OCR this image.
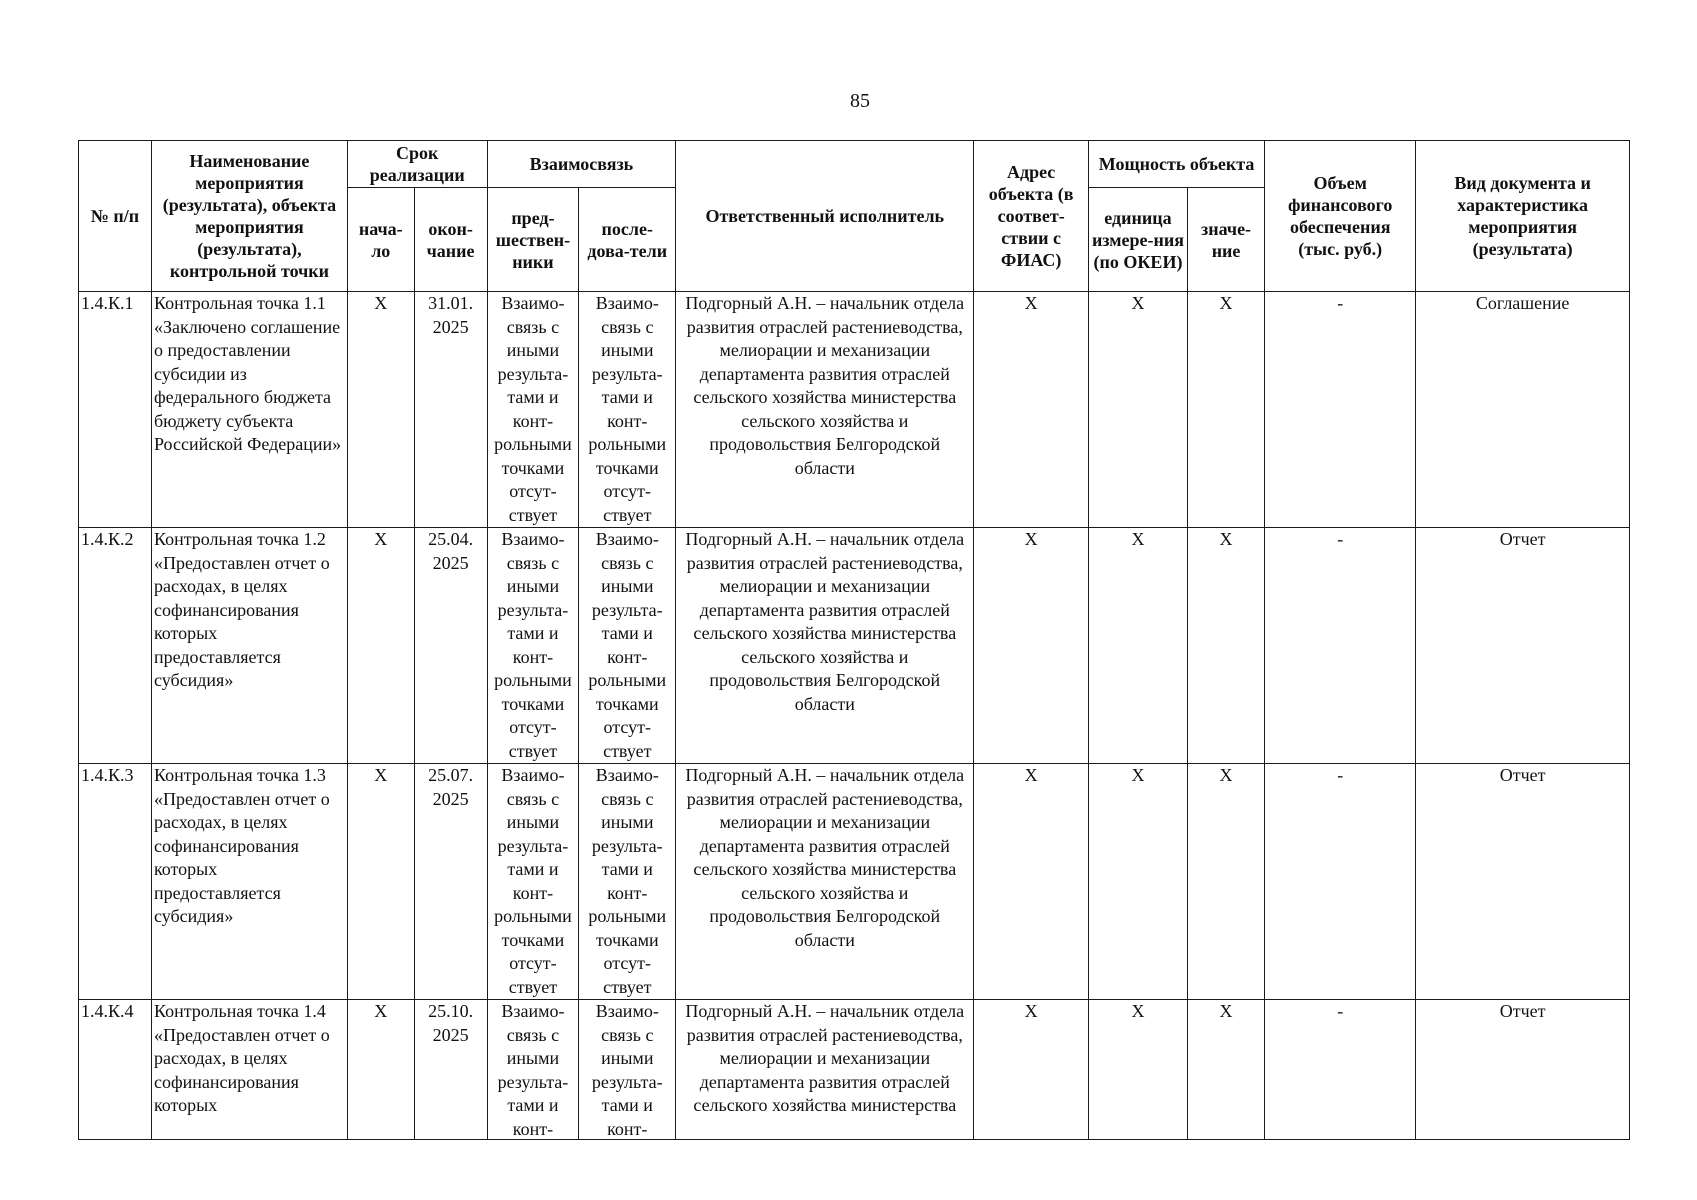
85
№ п/п	Наименование мероприятия (результата), объекта мероприятия (результата), контрольной точки	Срок реализации		Взаимосвязь		Ответственный исполнитель	Адрес объекта (в соответ-ствии с ФИАС)	Мощность объекта		Объем финансового обеспечения (тыс. руб.)	Вид документа и характеристика мероприятия (результата)
		нача-ло	окон-чание	пред-шествен-ники	после-дова-тели			единица измере-ния (по ОКЕИ)	значе-ние		
1.4.К.1	Контрольная точка 1.1 «Заключено соглашение о предоставлении субсидии из федерального бюджета бюджету субъекта Российской Федерации»	X	31.01. 2025	Взаимо-связь с иными результа-тами и конт-рольными точками отсут-ствует	Взаимо-связь с иными результа-тами и конт-рольными точками отсут-ствует	Подгорный А.Н. – начальник отдела развития отраслей растениеводства, мелиорации и механизации департамента развития отраслей сельского хозяйства министерства сельского хозяйства и продовольствия Белгородской области	X	X	X	-	Соглашение
1.4.К.2	Контрольная точка 1.2 «Предоставлен отчет о расходах, в целях софинансирования которых предоставляется субсидия»	X	25.04. 2025	Взаимо-связь с иными результа-тами и конт-рольными точками отсут-ствует	Взаимо-связь с иными результа-тами и конт-рольными точками отсут-ствует	Подгорный А.Н. – начальник отдела развития отраслей растениеводства, мелиорации и механизации департамента развития отраслей сельского хозяйства министерства сельского хозяйства и продовольствия Белгородской области	X	X	X	-	Отчет
1.4.К.3	Контрольная точка 1.3 «Предоставлен отчет о расходах, в целях софинансирования которых предоставляется субсидия»	X	25.07. 2025	Взаимо-связь с иными результа-тами и конт-рольными точками отсут-ствует	Взаимо-связь с иными результа-тами и конт-рольными точками отсут-ствует	Подгорный А.Н. – начальник отдела развития отраслей растениеводства, мелиорации и механизации департамента развития отраслей сельского хозяйства министерства сельского хозяйства и продовольствия Белгородской области	X	X	X	-	Отчет

1.4.К.4	Контрольная точка 1.4 «Предоставлен отчет о расходах, в целях софинансирования которых	X	25.10. 2025	Взаимо-связь с иными результа-тами и конт-	Взаимо-связь с иными результа-тами и конт-	Подгорный А.Н. – начальник отдела развития отраслей растениеводства, мелиорации и механизации департамента развития отраслей сельского хозяйства министерства	X	X	X	-	Отчет
